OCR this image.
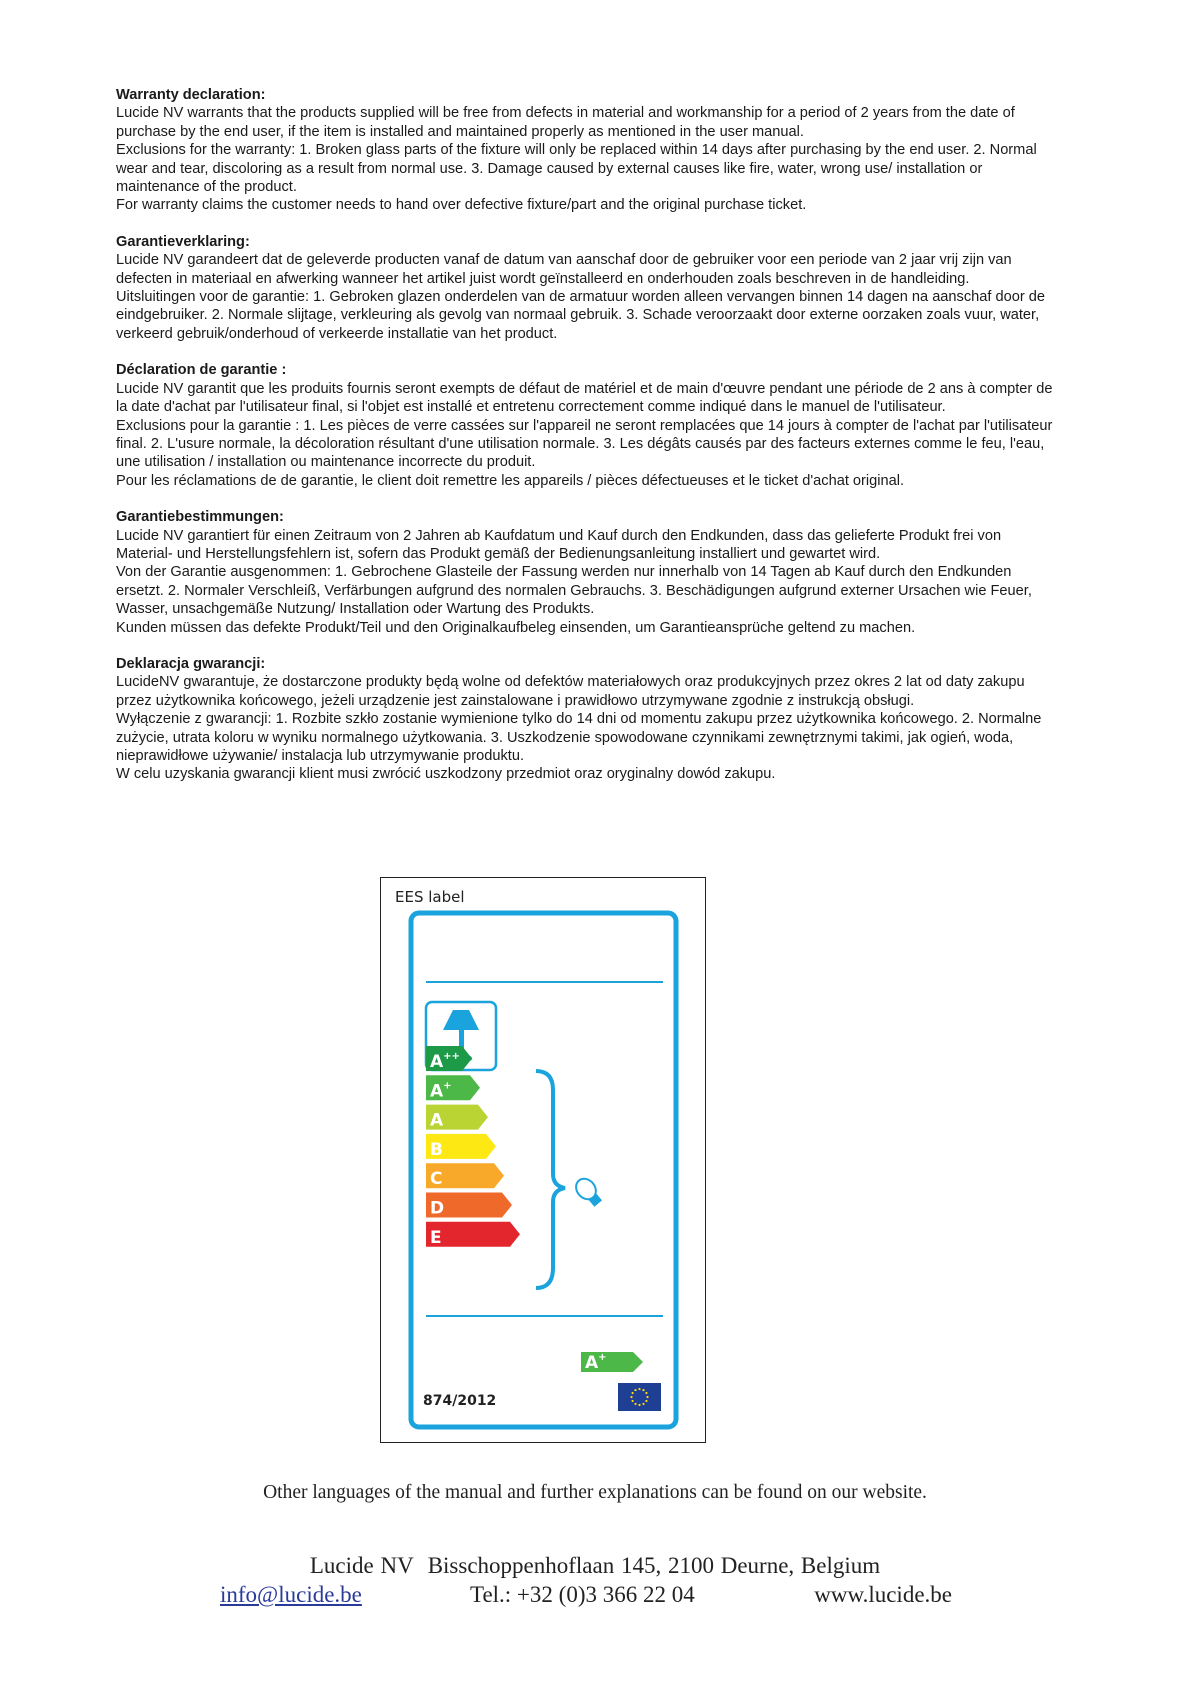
Warranty declaration:

Lucide NV warrants that the products supplied will be free from defects in material and workmanship for a period of 2 years from the date of purchase by the end user, if the item is installed and maintained properly as mentioned in the user manual.

Exclusions for the warranty: 1. Broken glass parts of the fixture will only be replaced within 14 days after purchasing by the end user. 2. Normal wear and tear, discoloring as a result from normal use. 3. Damage caused by external causes like fire, water, wrong use/ installation or maintenance of the product.

For warranty claims the customer needs to hand over defective fixture/part and the original purchase ticket.

Garantieverklaring:

Lucide NV garandeert dat de geleverde producten vanaf de datum van aanschaf door de gebruiker voor een periode van 2 jaar vrij zijn van defecten in materiaal en afwerking wanneer het artikel juist wordt geïnstalleerd en onderhouden zoals beschreven in de handleiding.

Uitsluitingen voor de garantie: 1. Gebroken glazen onderdelen van de armatuur worden alleen vervangen binnen 14 dagen na aanschaf door de eindgebruiker. 2. Normale slijtage, verkleuring als gevolg van normaal gebruik. 3. Schade veroorzaakt door externe oorzaken zoals vuur, water, verkeerd gebruik/onderhoud of verkeerde installatie van het product.

Déclaration de garantie :

Lucide NV garantit que les produits fournis seront exempts de défaut de matériel et de main d'œuvre pendant une période de 2 ans à compter de la date d'achat par l'utilisateur final, si l'objet est installé et entretenu correctement comme indiqué dans le manuel de l'utilisateur.

Exclusions pour la garantie : 1. Les pièces de verre cassées sur l'appareil ne seront remplacées que 14 jours à compter de l'achat par l'utilisateur final. 2. L'usure normale, la décoloration résultant d'une utilisation normale. 3. Les dégâts causés par des facteurs externes comme le feu, l'eau, une utilisation / installation ou maintenance incorrecte du produit.

Pour les réclamations de de garantie, le client doit remettre les appareils / pièces défectueuses et le ticket d'achat original.

Garantiebestimmungen:

Lucide NV garantiert für einen Zeitraum von 2 Jahren ab Kaufdatum und Kauf durch den Endkunden, dass das gelieferte Produkt frei von Material- und Herstellungsfehlern ist, sofern das Produkt gemäß der Bedienungsanleitung installiert und gewartet wird.

Von der Garantie ausgenommen: 1. Gebrochene Glasteile der Fassung werden nur innerhalb von 14 Tagen ab Kauf durch den Endkunden ersetzt. 2. Normaler Verschleiß, Verfärbungen aufgrund des normalen Gebrauchs. 3. Beschädigungen aufgrund externer Ursachen wie Feuer, Wasser, unsachgemäße Nutzung/ Installation oder Wartung des Produkts.

Kunden müssen das defekte Produkt/Teil und den Originalkaufbeleg einsenden, um Garantieansprüche geltend zu machen.

Deklaracja gwarancji:

LucideNV gwarantuje, że dostarczone produkty będą wolne od defektów materiałowych oraz produkcyjnych przez okres 2 lat od daty zakupu przez użytkownika końcowego, jeżeli urządzenie jest zainstalowane i prawidłowo utrzymywane zgodnie z instrukcją obsługi.

Wyłączenie z gwarancji: 1. Rozbite szkło zostanie wymienione tylko do 14 dni od momentu zakupu przez użytkownika końcowego. 2. Normalne zużycie, utrata koloru w wyniku normalnego użytkowania. 3. Uszkodzenie spowodowane czynnikami zewnętrznymi takimi, jak ogień, woda, nieprawidłowe używanie/ instalacja lub utrzymywanie produktu.

W celu uzyskania gwarancji klient musi zwrócić uszkodzony przedmiot oraz oryginalny dowód zakupu.

EES label
A++
A+
A
B
C
D
E
A+
874/2012
Other languages of the manual and further explanations can be found on our website.
Lucide NV Bisschoppenhoflaan 145, 2100 Deurne, Belgium
info@lucide.be	Tel.: +32 (0)3 366 22 04	www.lucide.be
